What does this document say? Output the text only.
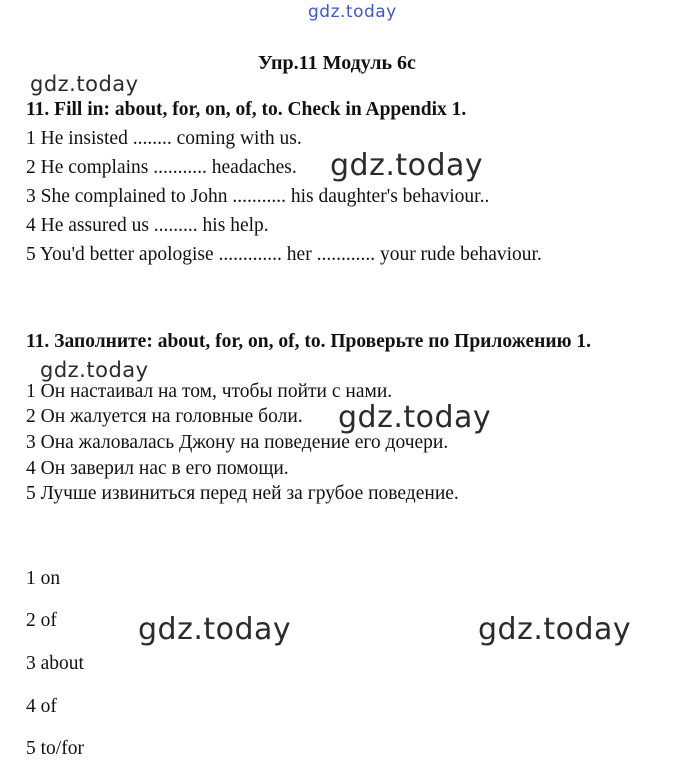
gdz.today
gdz.today
gdz.today
gdz.today
gdz.today
gdz.today	gdz.today
Упр.11 Модуль 6с
11. Fill in: about, for, on, of, to. Check in Appendix 1.
1 He insisted ........ coming with us.
2 He complains ........... headaches.
3 She complained to John ........... his daughter's behaviour..
4 He assured us ......... his help.
5 You'd better apologise ............. her ............ your rude behaviour.
11. Заполните: about, for, on, of, to. Проверьте по Приложению 1.
1 Он настаивал на том, чтобы пойти с нами.
2 Он жалуется на головные боли.
3 Она жаловалась Джону на поведение его дочери.
4 Он заверил нас в его помощи.
5 Лучше извиниться перед ней за грубое поведение.
1 on
2 of
3 about
4 of
5 to/for
